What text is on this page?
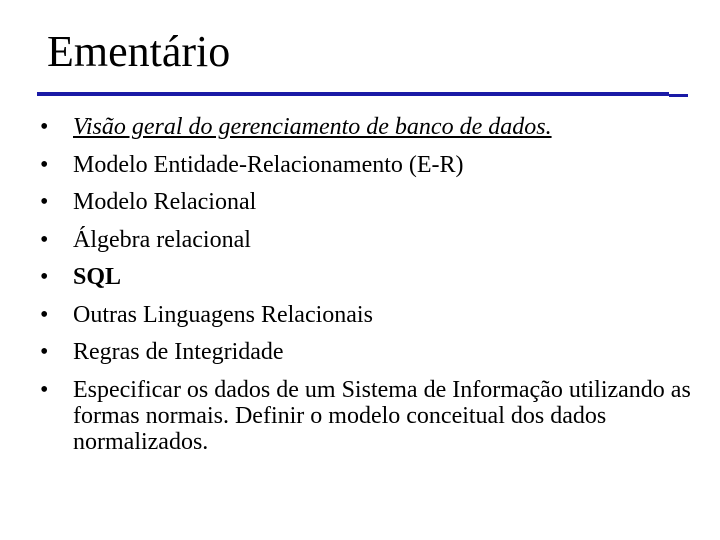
Ementário
•	Visão geral do gerenciamento de banco de dados.
•	Modelo Entidade-Relacionamento (E-R)
•	Modelo Relacional
•	Álgebra relacional
•	SQL
•	Outras Linguagens Relacionais
•	Regras de Integridade
•	Especificar os dados de um Sistema de Informação utilizando as formas normais. Definir o modelo conceitual dos dados normalizados.
